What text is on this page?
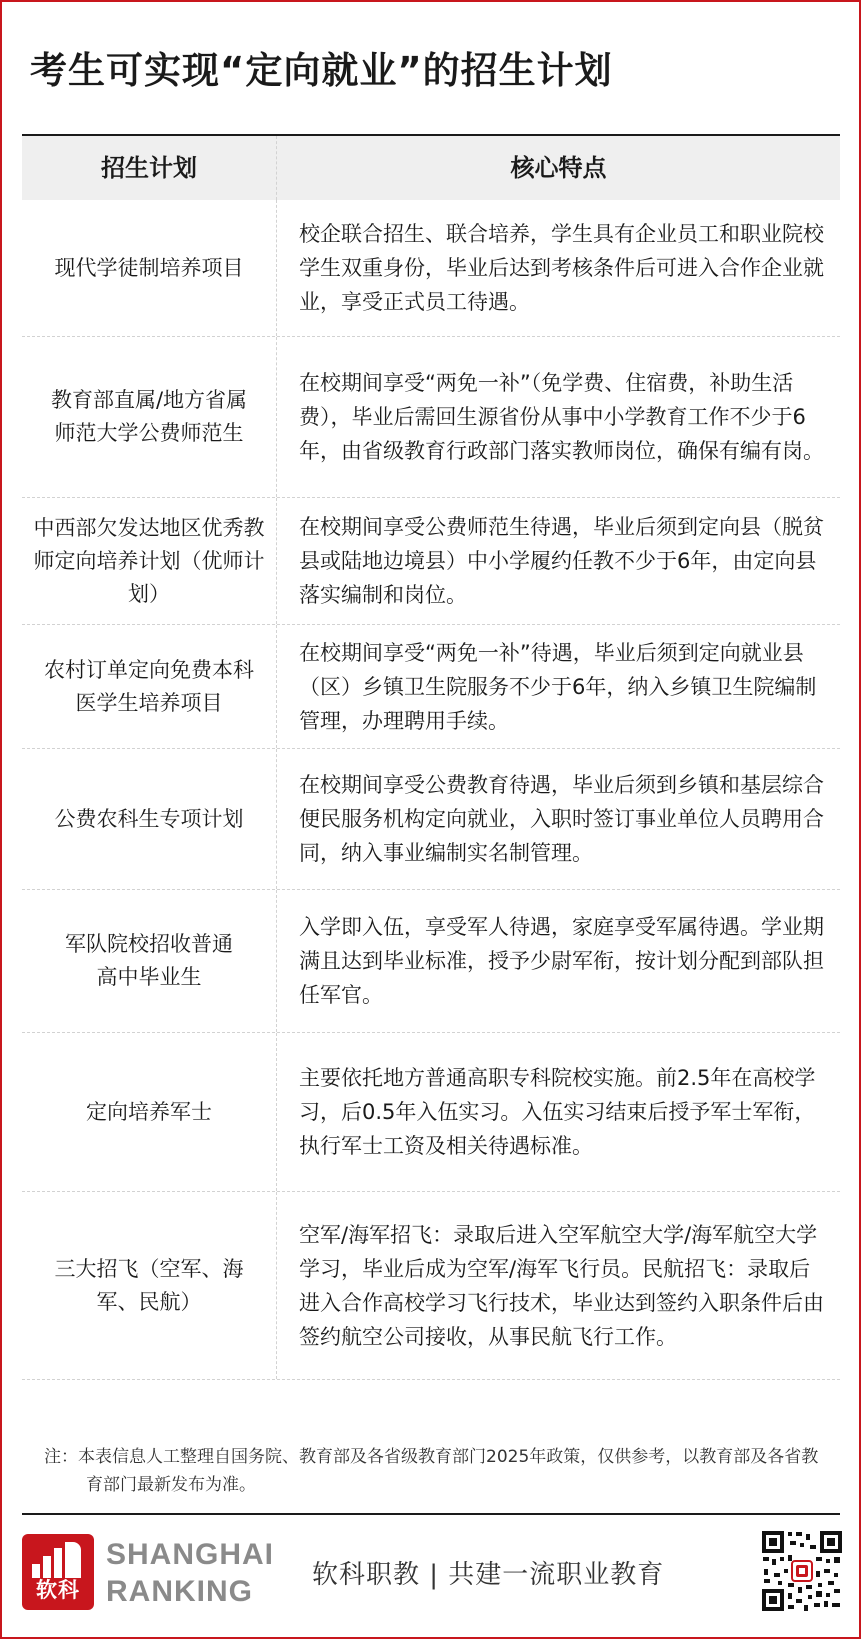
考生可实现“定向就业”的招生计划
招生计划	核心特点
现代学徒制培养项目
校企联合招生、联合培养，学生具有企业员工和职业院校学生双重身份，毕业后达到考核条件后可进入合作企业就业，享受正式员工待遇。
教育部直属/地方省属师范大学公费师范生
在校期间享受“两免一补”（免学费、住宿费，补助生活费），毕业后需回生源省份从事中小学教育工作不少于6年，由省级教育行政部门落实教师岗位，确保有编有岗。
中西部欠发达地区优秀教师定向培养计划（优师计划）
在校期间享受公费师范生待遇，毕业后须到定向县（脱贫县或陆地边境县）中小学履约任教不少于6年，由定向县落实编制和岗位。
农村订单定向免费本科医学生培养项目
在校期间享受“两免一补”待遇，毕业后须到定向就业县（区）乡镇卫生院服务不少于6年，纳入乡镇卫生院编制管理，办理聘用手续。
公费农科生专项计划
在校期间享受公费教育待遇，毕业后须到乡镇和基层综合便民服务机构定向就业，入职时签订事业单位人员聘用合同，纳入事业编制实名制管理。
军队院校招收普通高中毕业生
入学即入伍，享受军人待遇，家庭享受军属待遇。学业期满且达到毕业标准，授予少尉军衔，按计划分配到部队担任军官。
定向培养军士
主要依托地方普通高职专科院校实施。前2.5年在高校学习，后0.5年入伍实习。入伍实习结束后授予军士军衔，执行军士工资及相关待遇标准。
三大招飞（空军、海军、民航）
空军/海军招飞：录取后进入空军航空大学/海军航空大学学习，毕业后成为空军/海军飞行员。民航招飞：录取后进入合作高校学习飞行技术，毕业达到签约入职条件后由签约航空公司接收，从事民航飞行工作。
注：本表信息人工整理自国务院、教育部及各省级教育部门2025年政策，仅供参考，以教育部及各省教育部门最新发布为准。
软科
SHANGHAI
RANKING	软科职教 | 共建一流职业教育
